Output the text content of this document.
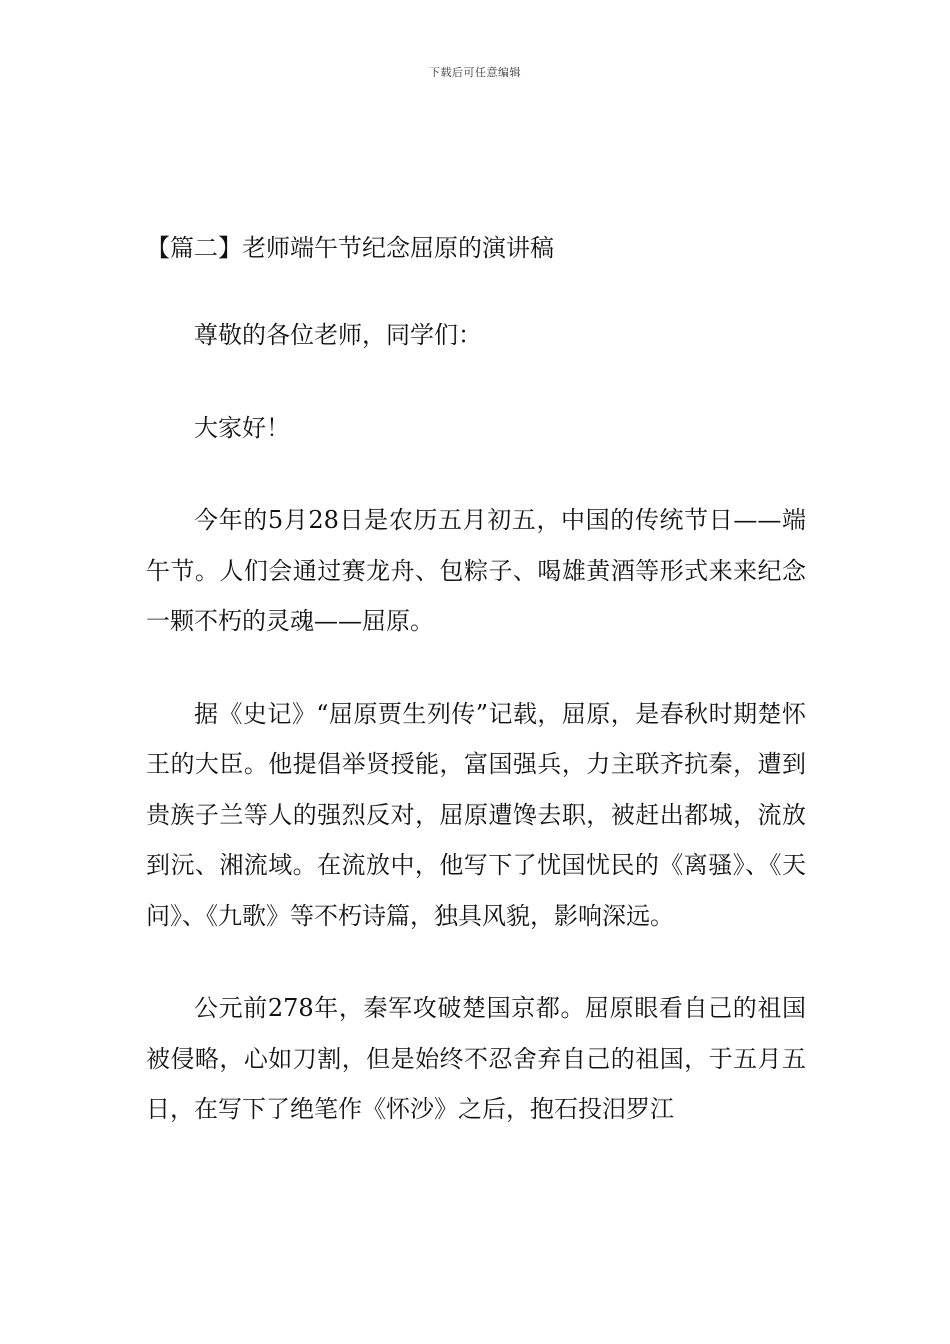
下载后可任意编辑
【篇二】老师端午节纪念屈原的演讲稿

尊敬的各位老师，同学们：

大家好！

今年的5月28日是农历五月初五，中国的传统节日——端午节。人们会通过赛龙舟、包粽子、喝雄黄酒等形式来来纪念一颗不朽的灵魂——屈原。

据《史记》“屈原贾生列传”记载，屈原，是春秋时期楚怀王的大臣。他提倡举贤授能，富国强兵，力主联齐抗秦，遭到贵族子兰等人的强烈反对，屈原遭馋去职，被赶出都城，流放到沅、湘流域。在流放中，他写下了忧国忧民的《离骚》、《天问》、《九歌》等不朽诗篇，独具风貌，影响深远。

公元前278年，秦军攻破楚国京都。屈原眼看自己的祖国被侵略，心如刀割，但是始终不忍舍弃自己的祖国，于五月五日，在写下了绝笔作《怀沙》之后，抱石投汨罗江
